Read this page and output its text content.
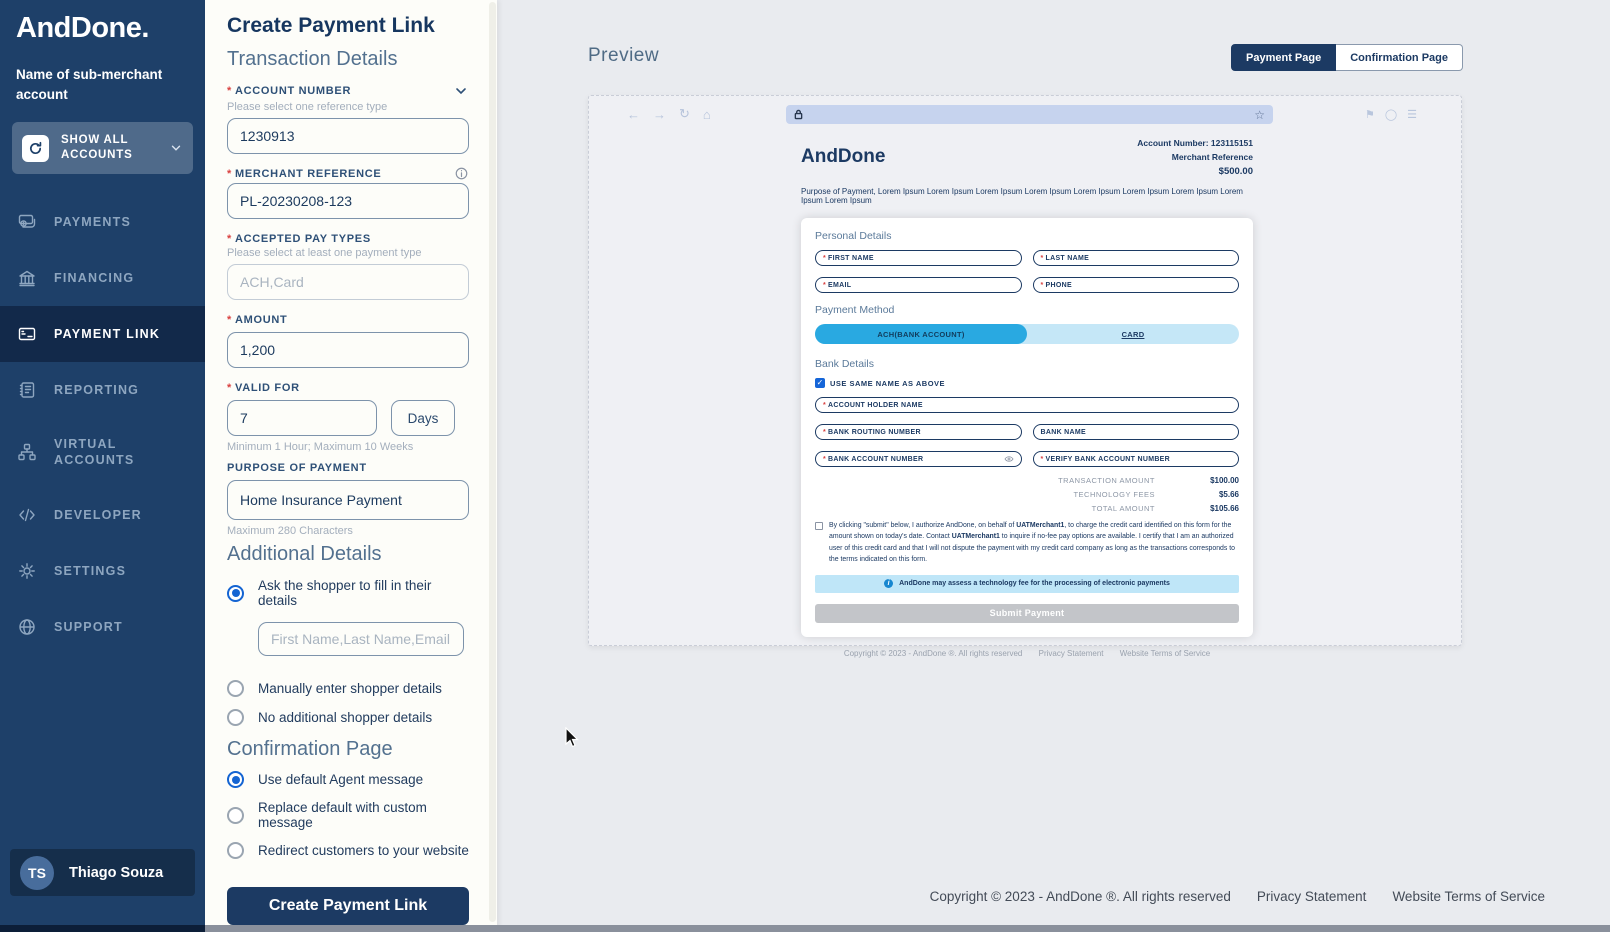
AndDone.
Name of sub-merchant account
SHOW ALL ACCOUNTS
PAYMENTS
FINANCING
PAYMENT LINK
REPORTING
VIRTUAL ACCOUNTS
DEVELOPER
SETTINGS
SUPPORT
TS	Thiago Souza
Create Payment Link
Transaction Details
* ACCOUNT NUMBER
Please select one reference type
1230913
* MERCHANT REFERENCE
PL-20230208-123
* ACCEPTED PAY TYPES
Please select at least one payment type
ACH,Card
* AMOUNT
1,200
* VALID FOR
7
Days
Minimum 1 Hour; Maximum 10 Weeks
PURPOSE OF PAYMENT
Home Insurance Payment
Maximum 280 Characters
Additional Details
Ask the shopper to fill in their details
First Name,Last Name,Email,Phone ...
Manually enter shopper details
No additional shopper details
Confirmation Page
Use default Agent message
Replace default with custom message
Redirect customers to your website
Create Payment Link
Preview	Payment Page	Confirmation Page
← → ↻ ⌂	☆	⚑ ◯ ☰
AndDone
Account Number: 123115151
Merchant Reference
$500.00
Purpose of Payment, Lorem Ipsum Lorem Ipsum Lorem Ipsum Lorem Ipsum Lorem Ipsum Lorem Ipsum Lorem Ipsum Lorem Ipsum Lorem Ipsum
Personal Details
* FIRST NAME	* LAST NAME
* EMAIL	* PHONE
Payment Method
ACH(BANK ACCOUNT)	CARD
Bank Details
✓
USE SAME NAME AS ABOVE
* ACCOUNT HOLDER NAME
* BANK ROUTING NUMBER	BANK NAME
* BANK ACCOUNT NUMBER	* VERIFY BANK ACCOUNT NUMBER
TRANSACTION AMOUNT	$100.00
TECHNOLOGY FEES	$5.66
TOTAL AMOUNT	$105.66
By clicking "submit" below, I authorize AndDone, on behalf of UATMerchant1, to charge the credit card identified on this form for the amount shown on today's date. Contact UATMerchant1 to inquire if no-fee pay options are available. I certify that I am an authorized user of this credit card and that I will not dispute the payment with my credit card company as long as the transactions corresponds to the terms indicated on this form.
i	AndDone may assess a technology fee for the processing of electronic payments
Submit Payment
Copyright © 2023 - AndDone ®. All rights reserved Privacy Statement Website Terms of Service
Copyright © 2023 - AndDone ®. All rights reserved Privacy Statement Website Terms of Service
